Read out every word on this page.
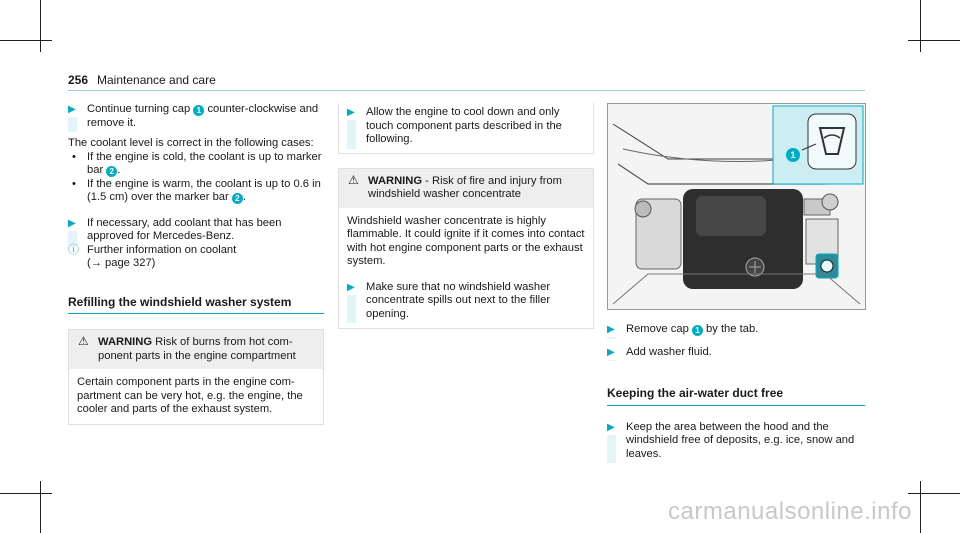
256 Maintenance and care
▶ Continue turning cap 1 counter-clockwise and remove it.
The coolant level is correct in the following cases:
• If the engine is cold, the coolant is up to marker bar 2 .
• If the engine is warm, the coolant is up to 0.6 in (1.5 cm) over the marker bar 2 .
▶ If necessary, add coolant that has been approved for Mercedes-Benz.
ⓘ Further information on coolant
(→ page 327)
Refilling the windshield washer system
⚠ WARNING Risk of burns from hot com-ponent parts in the engine compartment
Certain component parts in the engine com-partment can be very hot, e.g. the engine, the cooler and parts of the exhaust system.
▶ Allow the engine to cool down and only touch component parts described in the following.
⚠ WARNING - Risk of fire and injury from windshield washer concentrate
Windshield washer concentrate is highly flammable. It could ignite if it comes into contact with hot engine component parts or the exhaust system.
▶ Make sure that no windshield washer concentrate spills out next to the filler opening.
1
▶ Remove cap 1 by the tab.
▶ Add washer fluid.
Keeping the air-water duct free
▶ Keep the area between the hood and the windshield free of deposits, e.g. ice, snow and leaves.
carmanualsonline.info
